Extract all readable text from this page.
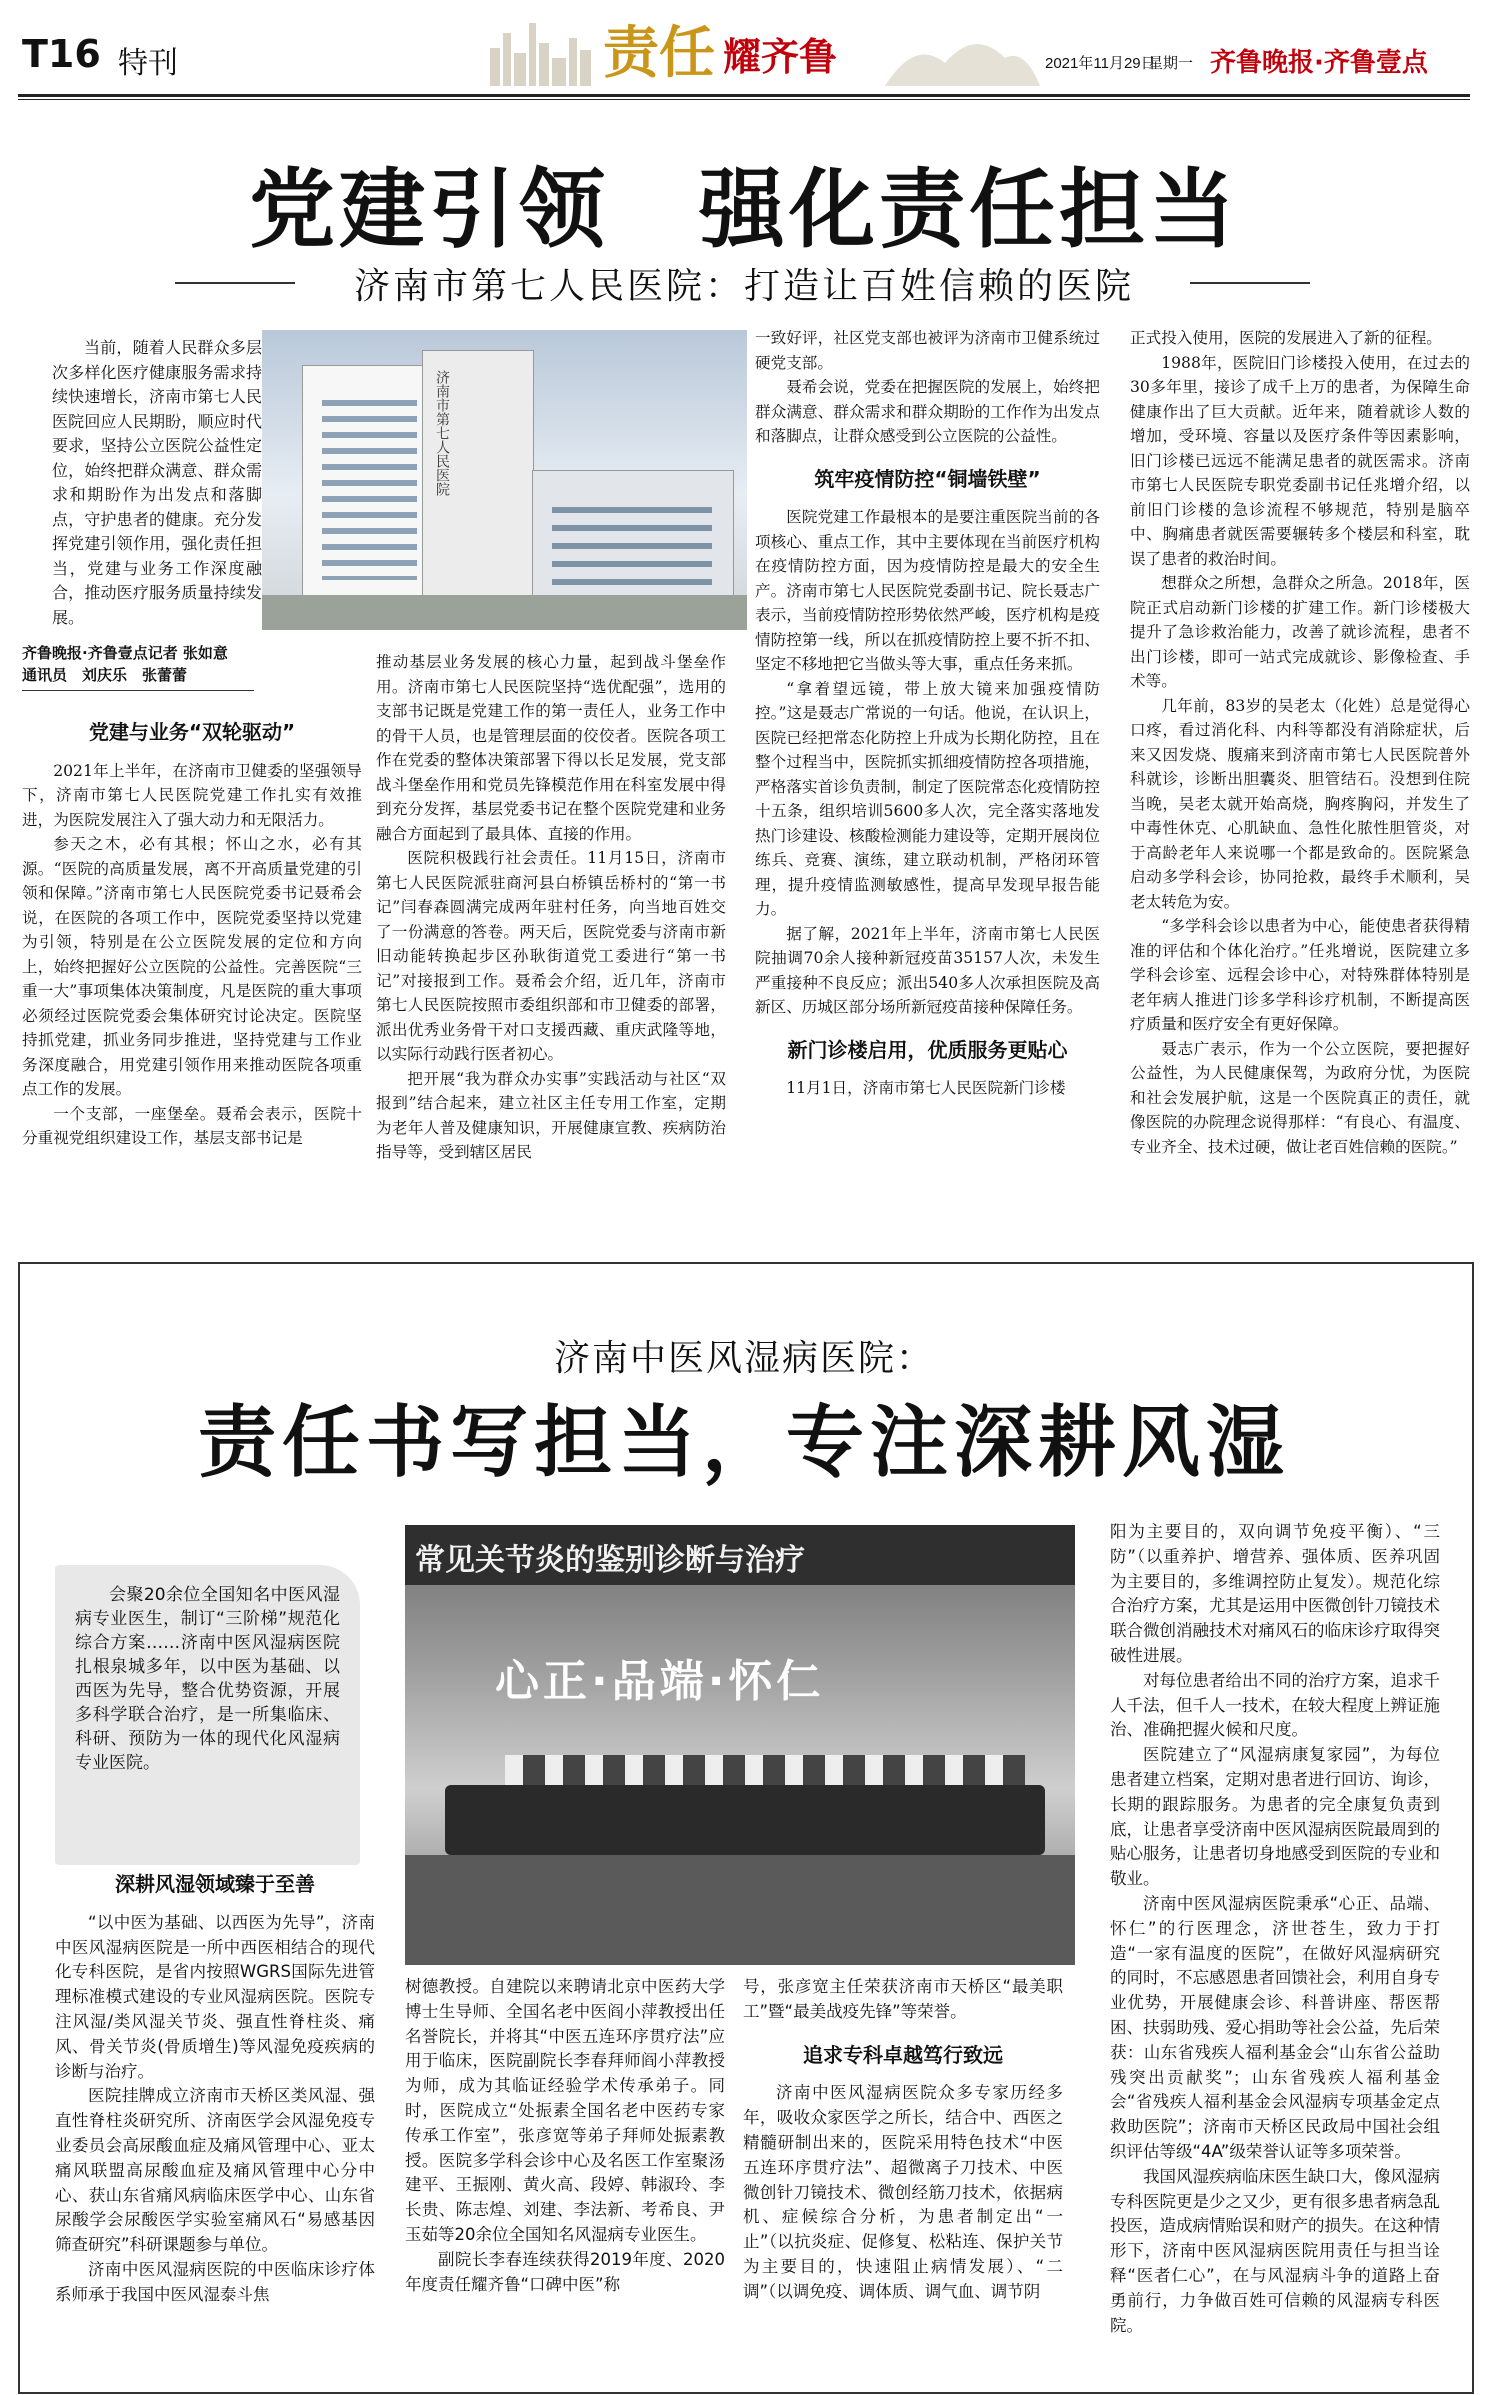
T16 特刊	责任 耀齐鲁	2021年11月29日
星期一 齐鲁晚报·齐鲁壹点
党建引领　强化责任担当
济南市第七人民医院：打造让百姓信赖的医院
当前，随着人民群众多层次多样化医疗健康服务需求持续快速增长，济南市第七人民医院回应人民期盼，顺应时代要求，坚持公立医院公益性定位，始终把群众满意、群众需求和期盼作为出发点和落脚点，守护患者的健康。充分发挥党建引领作用，强化责任担当，党建与业务工作深度融合，推动医疗服务质量持续发展。
济南市第七人民医院
齐鲁晚报·齐鲁壹点记者 张如意
通讯员　刘庆乐　张蕾蕾
党建与业务“双轮驱动”

2021年上半年，在济南市卫健委的坚强领导下，济南市第七人民医院党建工作扎实有效推进，为医院发展注入了强大动力和无限活力。

参天之木，必有其根；怀山之水，必有其源。“医院的高质量发展，离不开高质量党建的引领和保障。”济南市第七人民医院党委书记聂希会说，在医院的各项工作中，医院党委坚持以党建为引领，特别是在公立医院发展的定位和方向上，始终把握好公立医院的公益性。完善医院“三重一大”事项集体决策制度，凡是医院的重大事项必须经过医院党委会集体研究讨论决定。医院坚持抓党建，抓业务同步推进，坚持党建与工作业务深度融合，用党建引领作用来推动医院各项重点工作的发展。

一个支部，一座堡垒。聂希会表示，医院十分重视党组织建设工作，基层支部书记是

推动基层业务发展的核心力量，起到战斗堡垒作用。济南市第七人民医院坚持“选优配强”，选用的支部书记既是党建工作的第一责任人，业务工作中的骨干人员，也是管理层面的佼佼者。医院各项工作在党委的整体决策部署下得以长足发展，党支部战斗堡垒作用和党员先锋模范作用在科室发展中得到充分发挥，基层党委书记在整个医院党建和业务融合方面起到了最具体、直接的作用。

医院积极践行社会责任。11月15日，济南市第七人民医院派驻商河县白桥镇岳桥村的“第一书记”闫春森圆满完成两年驻村任务，向当地百姓交了一份满意的答卷。两天后，医院党委与济南市新旧动能转换起步区孙耿街道党工委进行“第一书记”对接报到工作。聂希会介绍，近几年，济南市第七人民医院按照市委组织部和市卫健委的部署，派出优秀业务骨干对口支援西藏、重庆武隆等地，以实际行动践行医者初心。

把开展“我为群众办实事”实践活动与社区“双报到”结合起来，建立社区主任专用工作室，定期为老年人普及健康知识，开展健康宣教、疾病防治指导等，受到辖区居民

一致好评，社区党支部也被评为济南市卫健系统过硬党支部。

聂希会说，党委在把握医院的发展上，始终把群众满意、群众需求和群众期盼的工作作为出发点和落脚点，让群众感受到公立医院的公益性。

筑牢疫情防控“铜墙铁壁”

医院党建工作最根本的是要注重医院当前的各项核心、重点工作，其中主要体现在当前医疗机构在疫情防控方面，因为疫情防控是最大的安全生产。济南市第七人民医院党委副书记、院长聂志广表示，当前疫情防控形势依然严峻，医疗机构是疫情防控第一线，所以在抓疫情防控上要不折不扣、坚定不移地把它当做头等大事，重点任务来抓。

“拿着望远镜，带上放大镜来加强疫情防控。”这是聂志广常说的一句话。他说，在认识上，医院已经把常态化防控上升成为长期化防控，且在整个过程当中，医院抓实抓细疫情防控各项措施，严格落实首诊负责制，制定了医院常态化疫情防控十五条，组织培训5600多人次，完全落实落地发热门诊建设、核酸检测能力建设等，定期开展岗位练兵、竞赛、演练，建立联动机制，严格闭环管理，提升疫情监测敏感性，提高早发现早报告能力。

据了解，2021年上半年，济南市第七人民医院抽调70余人接种新冠疫苗35157人次，未发生严重接种不良反应；派出540多人次承担医院及高新区、历城区部分场所新冠疫苗接种保障任务。

新门诊楼启用，优质服务更贴心

11月1日，济南市第七人民医院新门诊楼

正式投入使用，医院的发展进入了新的征程。

1988年，医院旧门诊楼投入使用，在过去的30多年里，接诊了成千上万的患者，为保障生命健康作出了巨大贡献。近年来，随着就诊人数的增加，受环境、容量以及医疗条件等因素影响，旧门诊楼已远远不能满足患者的就医需求。济南市第七人民医院专职党委副书记任兆增介绍，以前旧门诊楼的急诊流程不够规范，特别是脑卒中、胸痛患者就医需要辗转多个楼层和科室，耽误了患者的救治时间。

想群众之所想，急群众之所急。2018年，医院正式启动新门诊楼的扩建工作。新门诊楼极大提升了急诊救治能力，改善了就诊流程，患者不出门诊楼，即可一站式完成就诊、影像检查、手术等。

几年前，83岁的吴老太（化姓）总是觉得心口疼，看过消化科、内科等都没有消除症状，后来又因发烧、腹痛来到济南市第七人民医院普外科就诊，诊断出胆囊炎、胆管结石。没想到住院当晚，吴老太就开始高烧，胸疼胸闷，并发生了中毒性休克、心肌缺血、急性化脓性胆管炎，对于高龄老年人来说哪一个都是致命的。医院紧急启动多学科会诊，协同抢救，最终手术顺利，吴老太转危为安。

“多学科会诊以患者为中心，能使患者获得精准的评估和个体化治疗。”任兆增说，医院建立多学科会诊室、远程会诊中心，对特殊群体特别是老年病人推进门诊多学科诊疗机制，不断提高医疗质量和医疗安全有更好保障。

聂志广表示，作为一个公立医院，要把握好公益性，为人民健康保驾，为政府分忧，为医院和社会发展护航，这是一个医院真正的责任，就像医院的办院理念说得那样：“有良心、有温度、专业齐全、技术过硬，做让老百姓信赖的医院。”

济南中医风湿病医院：
责任书写担当，专注深耕风湿
常见关节炎的鉴别诊断与治疗
心正·品端·怀仁
会聚20余位全国知名中医风湿病专业医生，制订“三阶梯”规范化综合方案……济南中医风湿病医院扎根泉城多年，以中医为基础、以西医为先导，整合优势资源，开展多科学联合治疗，是一所集临床、科研、预防为一体的现代化风湿病专业医院。
深耕风湿领域臻于至善

“以中医为基础、以西医为先导”，济南中医风湿病医院是一所中西医相结合的现代化专科医院，是省内按照WGRS国际先进管理标准模式建设的专业风湿病医院。医院专注风湿/类风湿关节炎、强直性脊柱炎、痛风、骨关节炎(骨质增生)等风湿免疫疾病的诊断与治疗。

医院挂牌成立济南市天桥区类风湿、强直性脊柱炎研究所、济南医学会风湿免疫专业委员会高尿酸血症及痛风管理中心、亚太痛风联盟高尿酸血症及痛风管理中心分中心、获山东省痛风病临床医学中心、山东省尿酸学会尿酸医学实验室痛风石“易感基因筛查研究”科研课题参与单位。

济南中医风湿病医院的中医临床诊疗体系师承于我国中医风湿泰斗焦

树德教授。自建院以来聘请北京中医药大学博士生导师、全国名老中医阎小萍教授出任名誉院长，并将其“中医五连环序贯疗法”应用于临床，医院副院长李春拜师阎小萍教授为师，成为其临证经验学术传承弟子。同时，医院成立“处振素全国名老中医药专家传承工作室”，张彦宽等弟子拜师处振素教授。医院多学科会诊中心及名医工作室聚汤建平、王振刚、黄火高、段婷、韩淑玲、李长贵、陈志煌、刘建、李法新、考希良、尹玉茹等20余位全国知名风湿病专业医生。

副院长李春连续获得2019年度、2020年度责任耀齐鲁“口碑中医”称

号，张彦宽主任荣获济南市天桥区“最美职工”暨“最美战疫先锋”等荣誉。

追求专科卓越笃行致远

济南中医风湿病医院众多专家历经多年，吸收众家医学之所长，结合中、西医之精髓研制出来的，医院采用特色技术“中医五连环序贯疗法”、超微离子刀技术、中医微创针刀镜技术、微创经筋刀技术，依据病机、症候综合分析，为患者制定出“一止”（以抗炎症、促修复、松粘连、保护关节为主要目的，快速阻止病情发展）、“二调”（以调免疫、调体质、调气血、调节阴

阳为主要目的，双向调节免疫平衡）、“三防”（以重养护、增营养、强体质、医养巩固为主要目的，多维调控防止复发）。规范化综合治疗方案，尤其是运用中医微创针刀镜技术联合微创消融技术对痛风石的临床诊疗取得突破性进展。

对每位患者给出不同的治疗方案，追求千人千法，但千人一技术，在较大程度上辨证施治、准确把握火候和尺度。

医院建立了“风湿病康复家园”，为每位患者建立档案，定期对患者进行回访、询诊，长期的跟踪服务。为患者的完全康复负责到底，让患者享受济南中医风湿病医院最周到的贴心服务，让患者切身地感受到医院的专业和敬业。

济南中医风湿病医院秉承“心正、品端、怀仁”的行医理念，济世苍生，致力于打造“一家有温度的医院”，在做好风湿病研究的同时，不忘感恩患者回馈社会，利用自身专业优势，开展健康会诊、科普讲座、帮医帮困、扶弱助残、爱心捐助等社会公益，先后荣获：山东省残疾人福利基金会“山东省公益助残突出贡献奖”；山东省残疾人福利基金会“省残疾人福利基金会风湿病专项基金定点救助医院”；济南市天桥区民政局中国社会组织评估等级“4A”级荣誉认证等多项荣誉。

我国风湿疾病临床医生缺口大，像风湿病专科医院更是少之又少，更有很多患者病急乱投医，造成病情贻误和财产的损失。在这种情形下，济南中医风湿病医院用责任与担当诠释“医者仁心”，在与风湿病斗争的道路上奋勇前行，力争做百姓可信赖的风湿病专科医院。
